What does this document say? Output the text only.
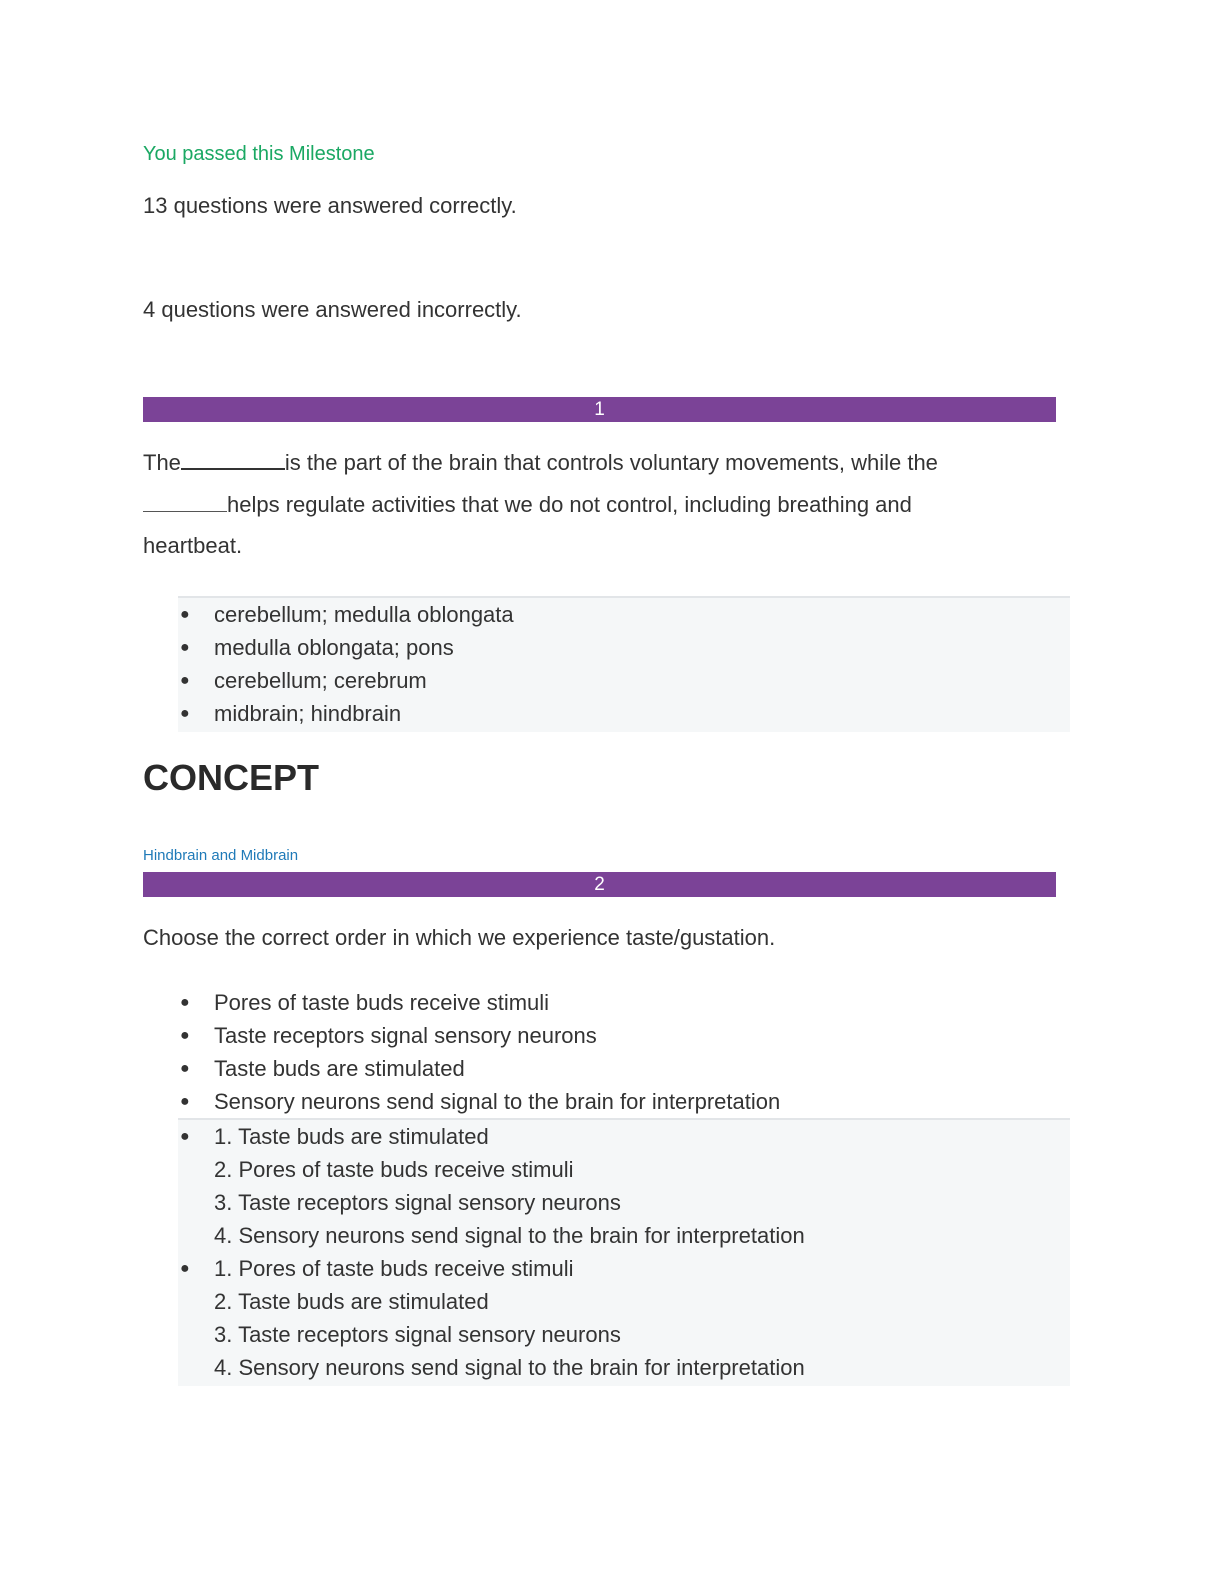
You passed this Milestone
13 questions were answered correctly.
4 questions were answered incorrectly.
1
The	is the part of the brain that controls voluntary movements, while the
helps regulate activities that we do not control, including breathing and
heartbeat.
● cerebellum; medulla oblongata
● medulla oblongata; pons
● cerebellum; cerebrum
● midbrain; hindbrain
CONCEPT
Hindbrain and Midbrain
2
Choose the correct order in which we experience taste/gustation.
● Pores of taste buds receive stimuli
● Taste receptors signal sensory neurons
● Taste buds are stimulated
● Sensory neurons send signal to the brain for interpretation
● 1. Taste buds are stimulated
2. Pores of taste buds receive stimuli
3. Taste receptors signal sensory neurons
4. Sensory neurons send signal to the brain for interpretation
● 1. Pores of taste buds receive stimuli
2. Taste buds are stimulated
3. Taste receptors signal sensory neurons
4. Sensory neurons send signal to the brain for interpretation
